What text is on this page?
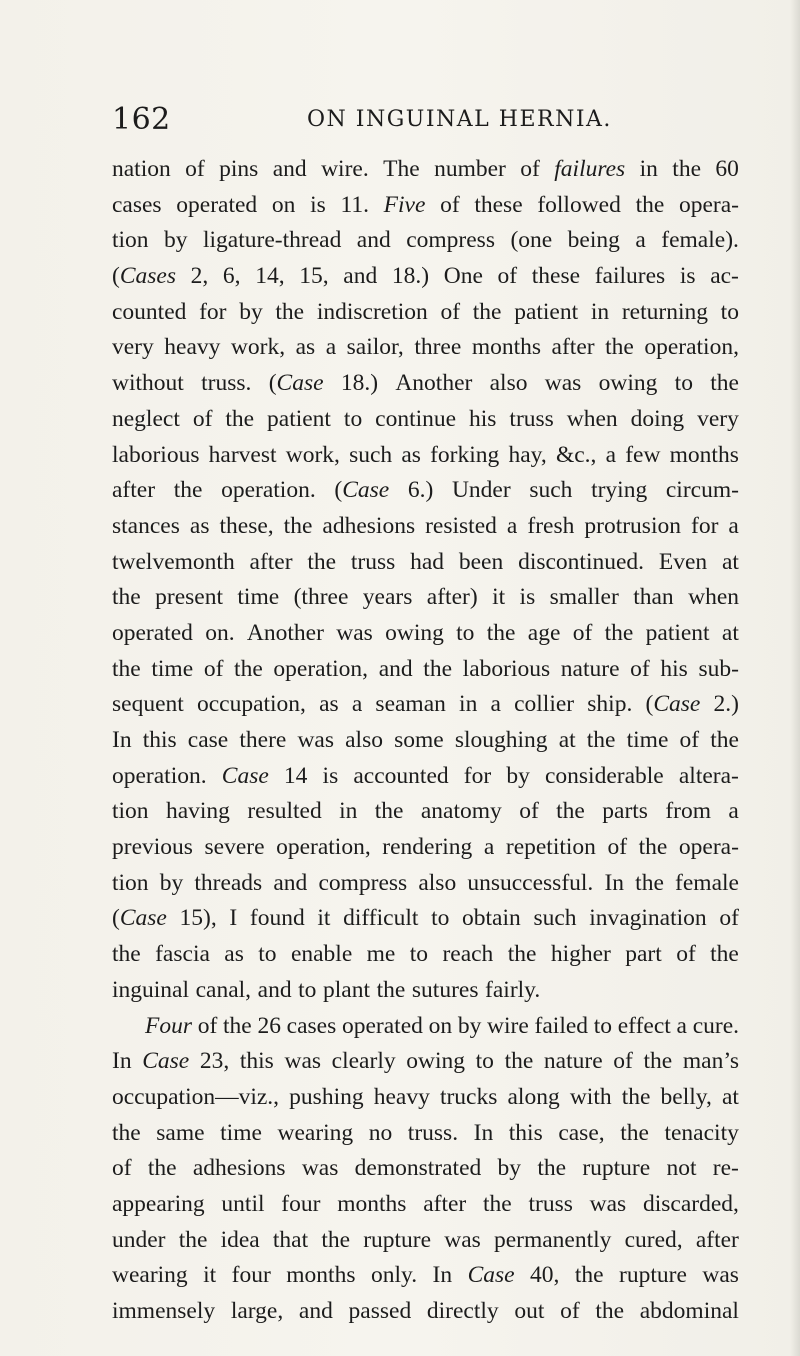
162	ON INGUINAL HERNIA.
nation of pins and wire. The number of failures in the 60
cases operated on is 11. Five of these followed the opera-
tion by ligature-thread and compress (one being a female).
(Cases 2, 6, 14, 15, and 18.) One of these failures is ac-
counted for by the indiscretion of the patient in returning to
very heavy work, as a sailor, three months after the operation,
without truss. (Case 18.) Another also was owing to the
neglect of the patient to continue his truss when doing very
laborious harvest work, such as forking hay, &c., a few months
after the operation. (Case 6.) Under such trying circum-
stances as these, the adhesions resisted a fresh protrusion for a
twelvemonth after the truss had been discontinued. Even at
the present time (three years after) it is smaller than when
operated on. Another was owing to the age of the patient at
the time of the operation, and the laborious nature of his sub-
sequent occupation, as a seaman in a collier ship. (Case 2.)
In this case there was also some sloughing at the time of the
operation. Case 14 is accounted for by considerable altera-
tion having resulted in the anatomy of the parts from a
previous severe operation, rendering a repetition of the opera-
tion by threads and compress also unsuccessful. In the female
(Case 15), I found it difficult to obtain such invagination of
the fascia as to enable me to reach the higher part of the
inguinal canal, and to plant the sutures fairly.
Four of the 26 cases operated on by wire failed to effect a cure.
In Case 23, this was clearly owing to the nature of the man’s
occupation—viz., pushing heavy trucks along with the belly, at
the same time wearing no truss. In this case, the tenacity
of the adhesions was demonstrated by the rupture not re-
appearing until four months after the truss was discarded,
under the idea that the rupture was permanently cured, after
wearing it four months only. In Case 40, the rupture was
immensely large, and passed directly out of the abdominal
